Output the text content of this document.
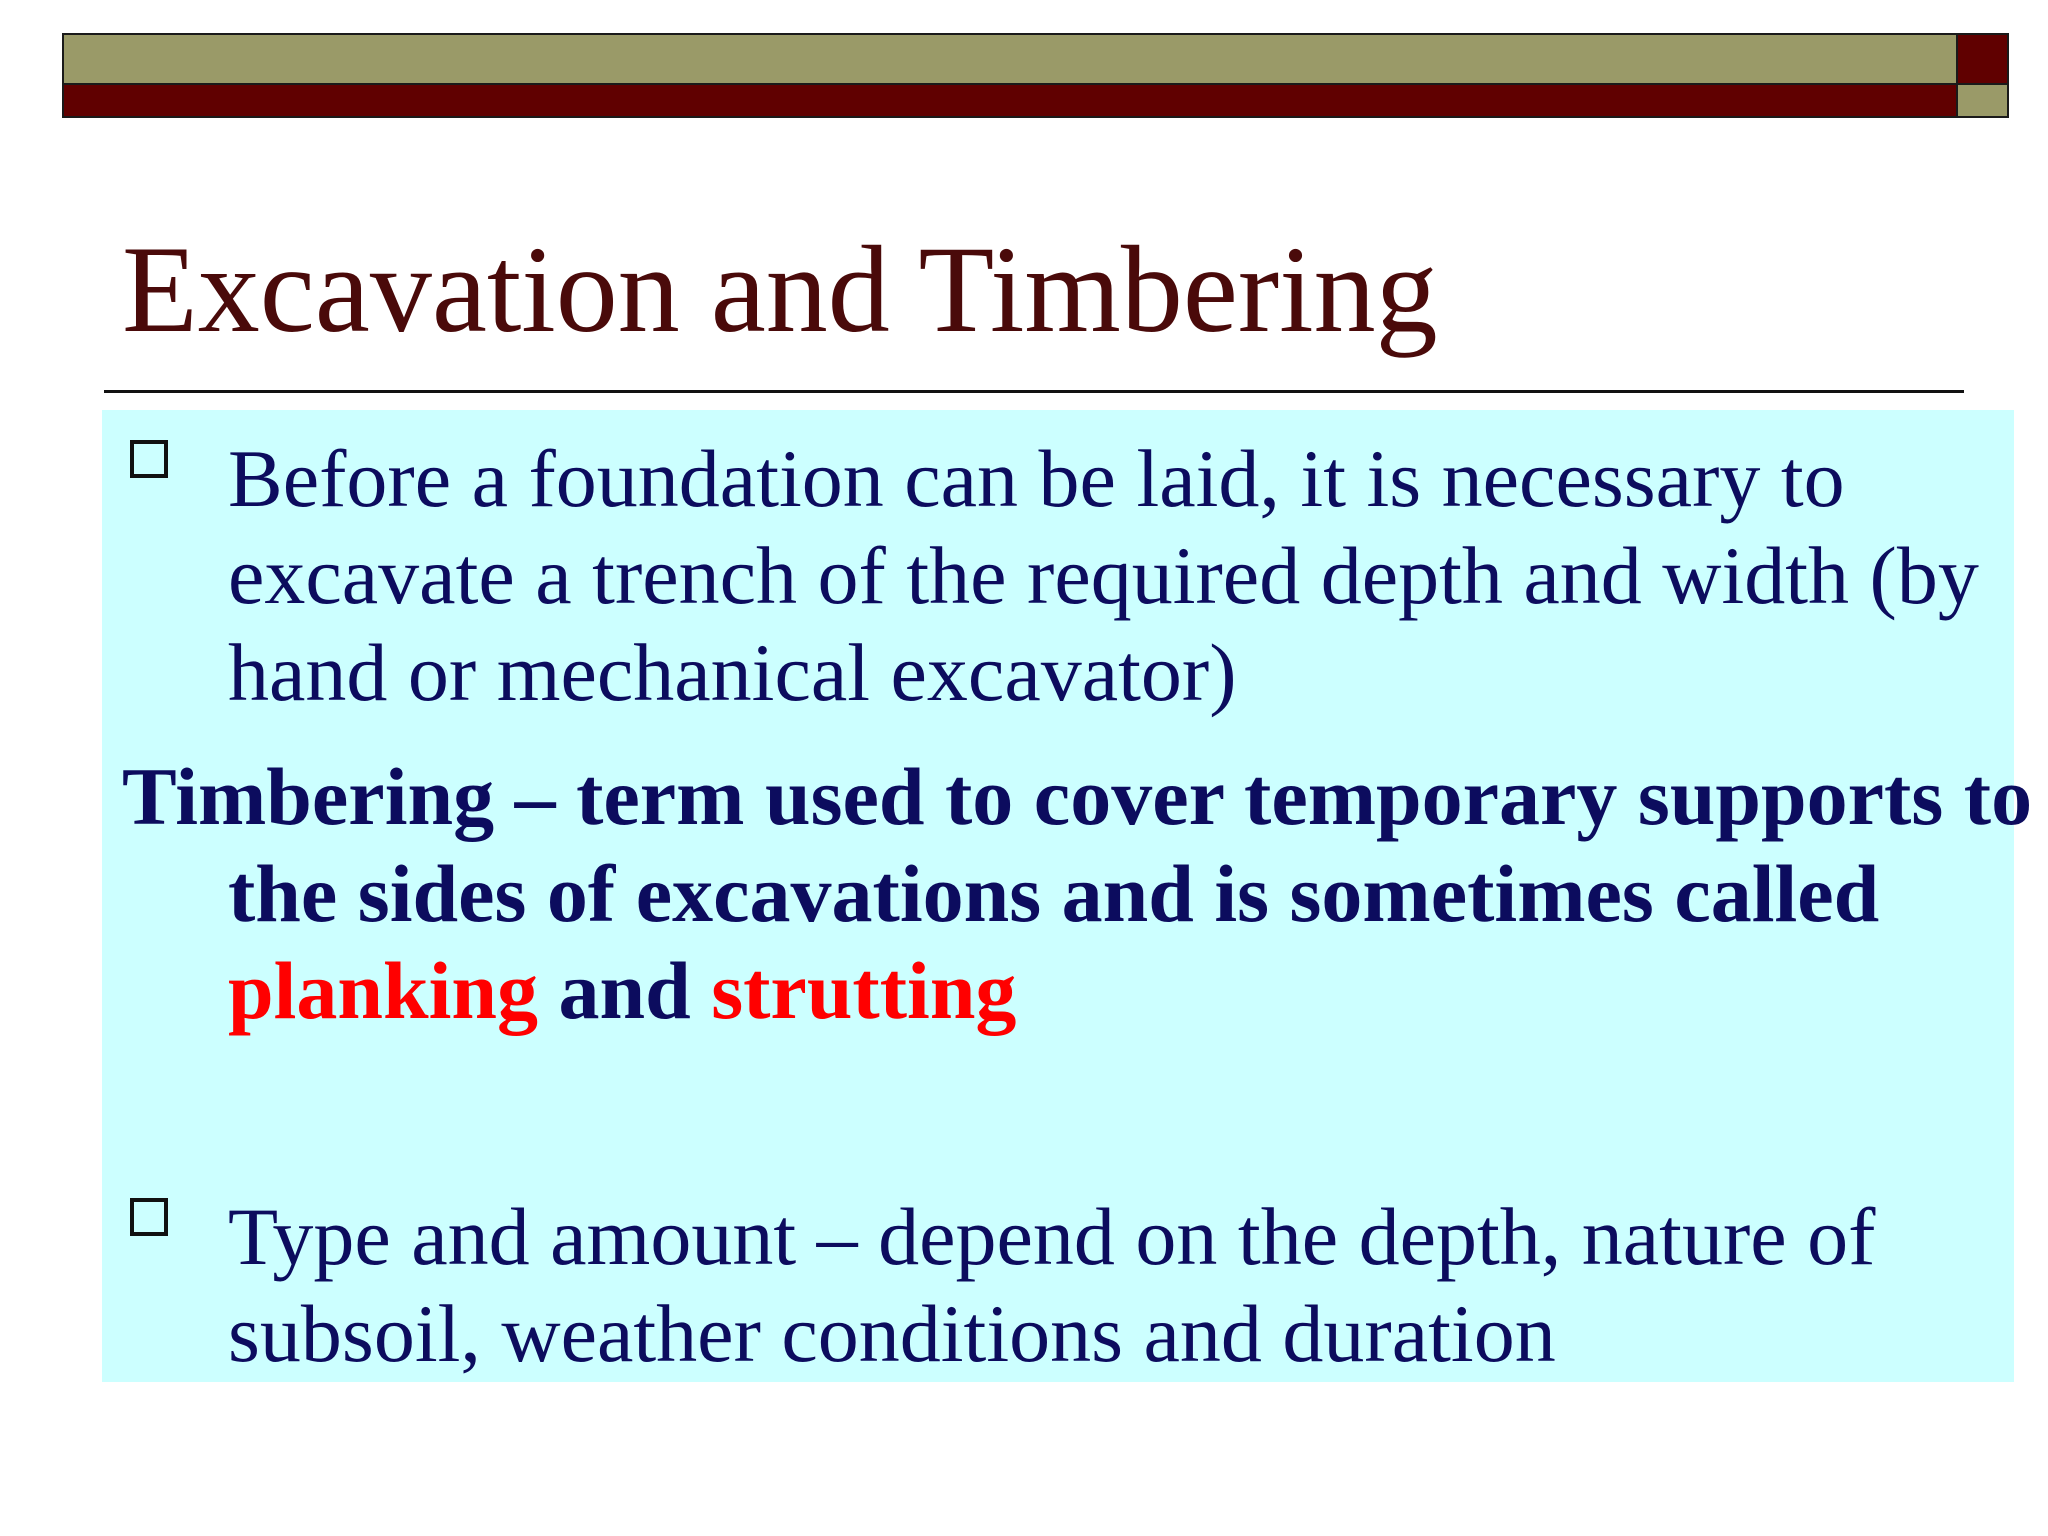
Excavation and Timbering

Before a foundation can be laid, it is necessary to excavate a trench of the required depth and width (by hand or mechanical excavator)

Timbering – term used to cover temporary supports to the sides of excavations and is sometimes called planking and strutting

Type and amount – depend on the depth, nature of subsoil, weather conditions and duration
